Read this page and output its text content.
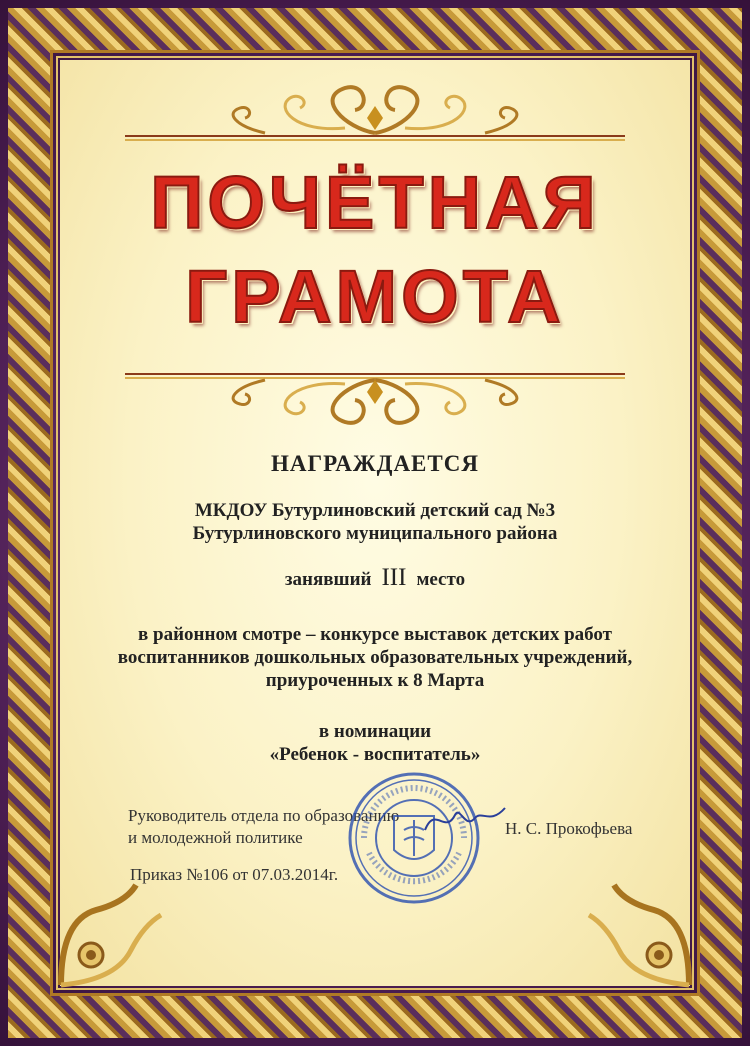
ПОЧЁТНАЯ
ГРАМОТА
НАГРАЖДАЕТСЯ
МКДОУ Бутурлиновский детский сад №3
Бутурлиновского муниципального района
занявший III место
в районном смотре – конкурсе выставок детских работ
воспитанников дошкольных образовательных учреждений,
приуроченных к 8 Марта
в номинации
«Ребенок - воспитатель»
Руководитель отдела по образованию
и молодежной политике	Н. С. Прокофьева
Приказ №106 от 07.03.2014г.
